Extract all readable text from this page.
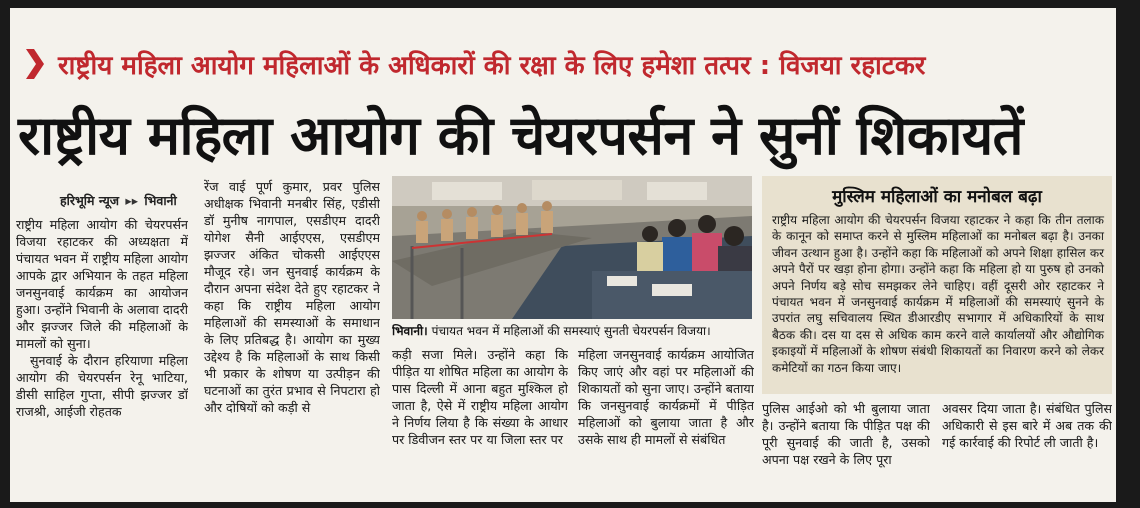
राष्ट्रीय महिला आयोग महिलाओं के अधिकारों की रक्षा के लिए हमेशा तत्पर : विजया रहाटकर
राष्ट्रीय महिला आयोग की चेयरपर्सन ने सुनीं शिकायतें
हरिभूमि न्यूज ▸▸ भिवानी

राष्ट्रीय महिला आयोग की चेयरपर्सन विजया रहाटकर की अध्यक्षता में पंचायत भवन में राष्ट्रीय महिला आयोग आपके द्वार अभियान के तहत महिला जनसुनवाई कार्यक्रम का आयोजन हुआ। उन्होंने भिवानी के अलावा दादरी और झज्जर जिले की महिलाओं के मामलों को सुना।

सुनवाई के दौरान हरियाणा महिला आयोग की चेयरपर्सन रेनू भाटिया, डीसी साहिल गुप्ता, सीपी झज्जर डॉ राजश्री, आईजी रोहतक

रेंज वाई पूर्ण कुमार, प्रवर पुलिस अधीक्षक भिवानी मनबीर सिंह, एडीसी डॉ मुनीष नागपाल, एसडीएम दादरी योगेश सैनी आईएएस, एसडीएम झज्जर अंकित चोकसी आईएएस मौजूद रहे। जन सुनवाई कार्यक्रम के दौरान अपना संदेश देते हुए रहाटकर ने कहा कि राष्ट्रीय महिला आयोग महिलाओं की समस्याओं के समाधान के लिए प्रतिबद्ध है। आयोग का मुख्य उद्देश्य है कि महिलाओं के साथ किसी भी प्रकार के शोषण या उत्पीड़न की घटनाओं का तुरंत प्रभाव से निपटारा हो और दोषियों को कड़ी से

भिवानी। पंचायत भवन में महिलाओं की समस्याएं सुनती चेयरपर्सन विजया।

कड़ी सजा मिले। उन्होंने कहा कि पीड़ित या शोषित महिला का आयोग के पास दिल्ली में आना बहुत मुश्किल हो जाता है, ऐसे में राष्ट्रीय महिला आयोग ने निर्णय लिया है कि संख्या के आधार पर डिवीजन स्तर पर या जिला स्तर पर

महिला जनसुनवाई कार्यक्रम आयोजित किए जाएं और वहां पर महिलाओं की शिकायतों को सुना जाए। उन्होंने बताया कि जनसुनवाई कार्यक्रमों में पीड़ित महिलाओं को बुलाया जाता है और उसके साथ ही मामलों से संबंधित

मुस्लिम महिलाओं का मनोबल बढ़ा
राष्ट्रीय महिला आयोग की चेयरपर्सन विजया रहाटकर ने कहा कि तीन तलाक के कानून को समाप्त करने से मुस्लिम महिलाओं का मनोबल बढ़ा है। उनका जीवन उत्थान हुआ है। उन्होंने कहा कि महिलाओं को अपने शिक्षा हासिल कर अपने पैरों पर खड़ा होना होगा। उन्होंने कहा कि महिला हो या पुरुष हो उनको अपने निर्णय बड़े सोच समझकर लेने चाहिए। वहीं दूसरी ओर रहाटकर ने पंचायत भवन में जनसुनवाई कार्यक्रम में महिलाओं की समस्याएं सुनने के उपरांत लघु सचिवालय स्थित डीआरडीए सभागार में अधिकारियों के साथ बैठक की। दस या दस से अधिक काम करने वाले कार्यालयों और औद्योगिक इकाइयों में महिलाओं के शोषण संबंधी शिकायतों का निवारण करने को लेकर कमेटियों का गठन किया जाए।

पुलिस आईओ को भी बुलाया जाता है। उन्होंने बताया कि पीड़ित पक्ष की पूरी सुनवाई की जाती है, उसको अपना पक्ष रखने के लिए पूरा

अवसर दिया जाता है। संबंधित पुलिस अधिकारी से इस बारे में अब तक की गई कार्रवाई की रिपोर्ट ली जाती है।
